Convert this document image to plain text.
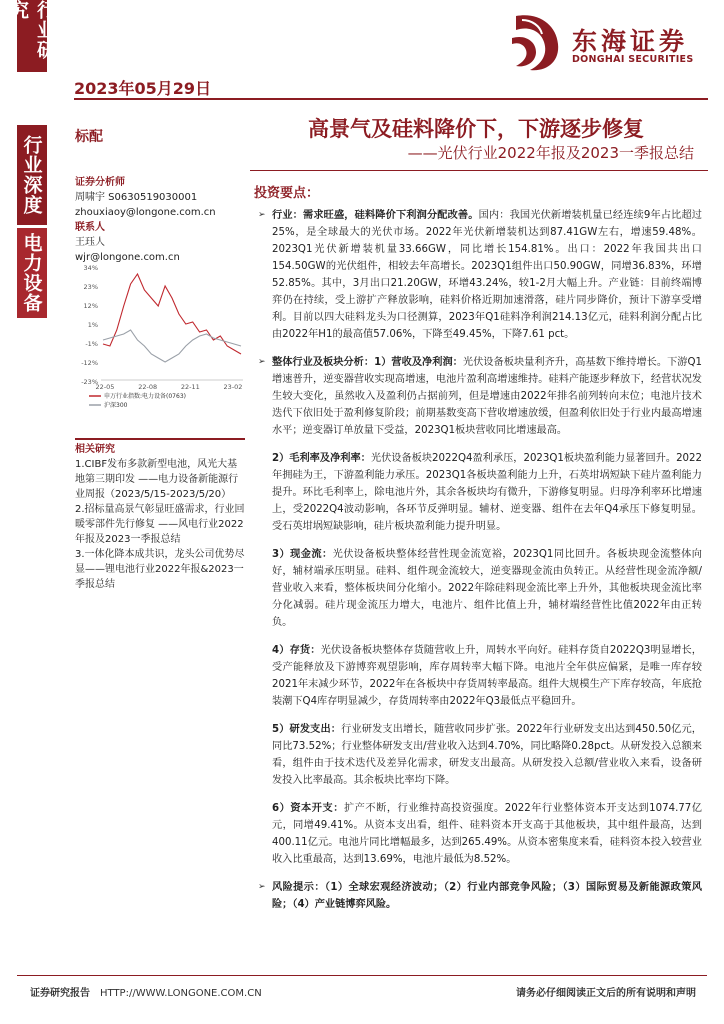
行业研究
行业深度
电力设备
2023年05月29日
东海证券
DONGHAI SECURITIES
高景气及硅料降价下，下游逐步修复
——光伏行业2022年报及2023一季报总结
标配
证券分析师
周啸宇 S0630519030001
zhouxiaoy@longone.com.cn
联系人
王珏人
wjr@longone.com.cn
34%
23%
12%
1%
-1%
-12%
-23%
22-05	22-08	22-11	23-02
申万行业指数:电力设备(0763)
沪深300
相关研究
1.CIBF发布多款新型电池，风光大基地第三期印发 ——电力设备新能源行业周报（2023/5/15-2023/5/20）
2.招标量高景气彰显旺盛需求，行业回暖零部件先行修复 ——风电行业2022年报及2023一季报总结
3.一体化降本成共识，龙头公司优势尽显——锂电池行业2022年报&2023一季报总结
投资要点：
➢ 行业：需求旺盛，硅料降价下利润分配改善。国内：我国光伏新增装机量已经连续9年占比超过25%，是全球最大的光伏市场。2022年光伏新增装机达到87.41GW左右，增速59.48%。2023Q1光伏新增装机量33.66GW，同比增长154.81%。出口：2022年我国共出口154.50GW的光伏组件，相较去年高增长。2023Q1组件出口50.90GW，同增36.83%，环增52.85%。其中，3月出口21.20GW，环增43.24%，较1-2月大幅上升。产业链：目前终端博弈仍在持续，受上游扩产释放影响，硅料价格近期加速滑落，硅片同步降价，预计下游享受增利。目前以四大硅料龙头为口径测算，2023年Q1硅料净利润214.13亿元，硅料利润分配占比由2022年H1的最高值57.06%，下降至49.45%，下降7.61 pct。
➢ 整体行业及板块分析：1）营收及净利润：光伏设备板块量利齐升，高基数下维持增长。下游Q1增速普升，逆变器营收实现高增速，电池片盈利高增速维持。硅料产能逐步释放下，经营状况发生较大变化，虽然收入及盈利仍占据前列，但是增速由2022年排名前列转向末位；电池片技术迭代下依旧处于盈利修复阶段；前期基数变高下营收增速放缓，但盈利依旧处于行业内最高增速水平；逆变器订单放量下受益，2023Q1板块营收同比增速最高。
2）毛利率及净利率：光伏设备板块2022Q4盈利承压，2023Q1板块盈利能力显著回升。2022年拥硅为王，下游盈利能力承压。2023Q1各板块盈利能力上升，石英坩埚短缺下硅片盈利能力提升。环比毛利率上，除电池片外，其余各板块均有微升，下游修复明显。归母净利率环比增速上，受2022Q4波动影响，各环节反弹明显。辅材、逆变器、组件在去年Q4承压下修复明显。受石英坩埚短缺影响，硅片板块盈利能力提升明显。
3）现金流：光伏设备板块整体经营性现金流宽裕，2023Q1同比回升。各板块现金流整体向好，辅材端承压明显。硅料、组件现金流较大，逆变器现金流由负转正。从经营性现金流净额/营业收入来看，整体板块间分化缩小。2022年除硅料现金流比率上升外，其他板块现金流比率分化减弱。硅片现金流压力增大，电池片、组件比值上升，辅材端经营性比值2022年由正转负。
4）存货：光伏设备板块整体存货随营收上升，周转水平向好。硅料存货自2022Q3明显增长，受产能释放及下游博弈观望影响，库存周转率大幅下降。电池片全年供应偏紧，是唯一库存较2021年末减少环节，2022年在各板块中存货周转率最高。组件大规模生产下库存较高，年底抢装潮下Q4库存明显减少，存货周转率由2022年Q3最低点平稳回升。
5）研发支出：行业研发支出增长，随营收同步扩张。2022年行业研发支出达到450.50亿元，同比73.52%；行业整体研发支出/营业收入达到4.70%，同比略降0.28pct。从研发投入总额来看，组件由于技术迭代及差异化需求，研发支出最高。从研发投入总额/营业收入来看，设备研发投入比率最高。其余板块比率均下降。
6）资本开支：扩产不断，行业维持高投资强度。2022年行业整体资本开支达到1074.77亿元，同增49.41%。从资本支出看，组件、硅料资本开支高于其他板块，其中组件最高，达到400.11亿元。电池片同比增幅最多，达到265.49%。从资本密集度来看，硅料资本投入较营业收入比重最高，达到13.69%，电池片最低为8.52%。
➢ 风险提示：（1）全球宏观经济波动；（2）行业内部竞争风险；（3）国际贸易及新能源政策风险；（4）产业链博弈风险。
证券研究报告 HTTP://WWW.LONGONE.COM.CN	请务必仔细阅读正文后的所有说明和声明
